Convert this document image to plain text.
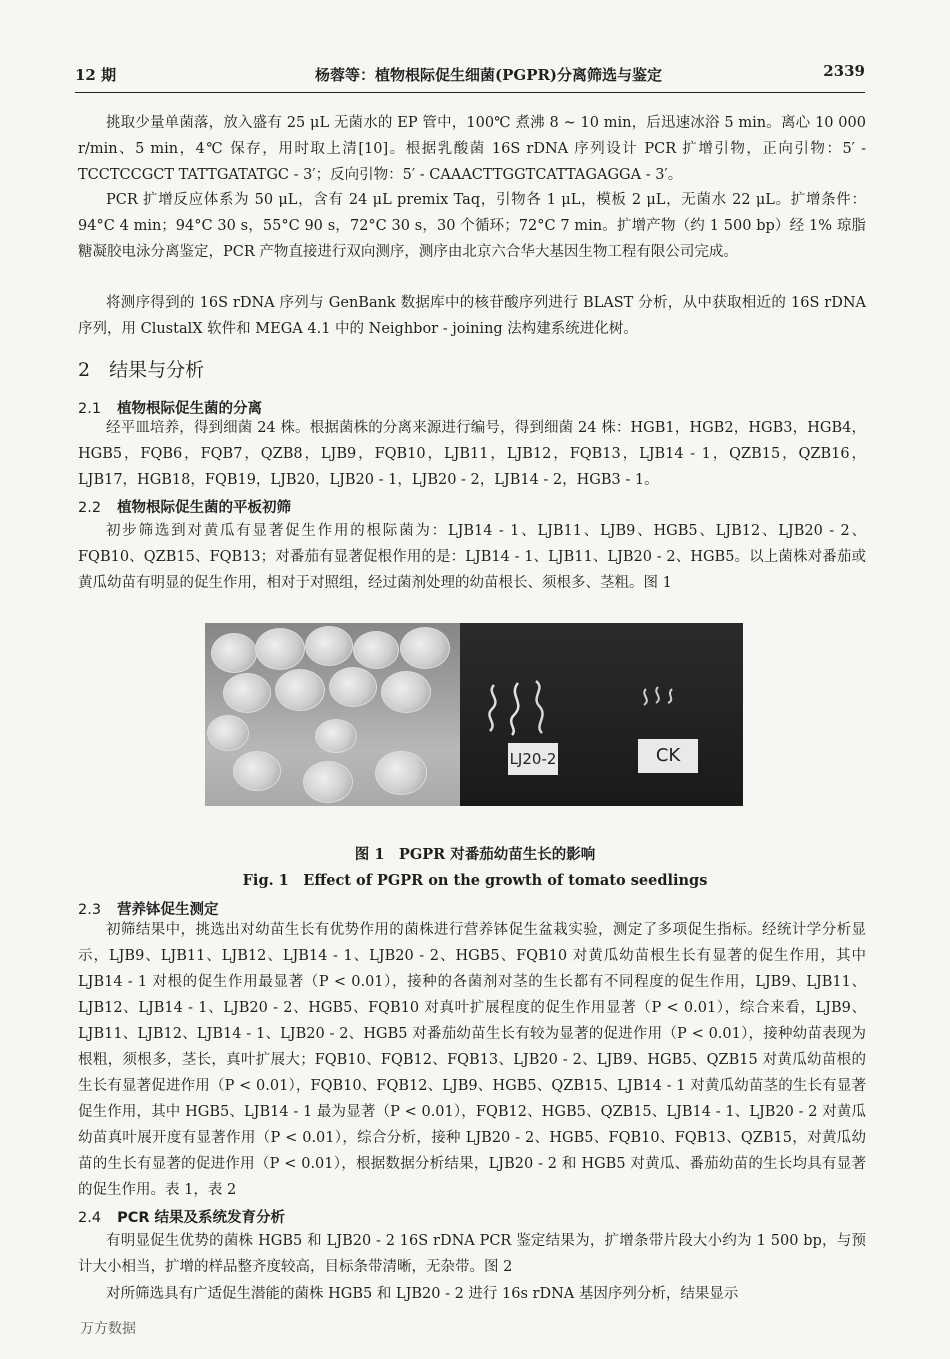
12 期	杨蓉等：植物根际促生细菌(PGPR)分离筛选与鉴定	2339

挑取少量单菌落，放入盛有 25 μL 无菌水的 EP 管中，100℃ 煮沸 8 ~ 10 min，后迅速冰浴 5 min。离心 10 000 r/min、5 min，4℃ 保存，用时取上清[10]。根据乳酸菌 16S rDNA 序列设计 PCR 扩增引物，正向引物：5′ - TCCTCCGCT TATTGATATGC - 3′；反向引物：5′ - CAAACTTGGTCATTAGAGGA - 3′。

PCR 扩增反应体系为 50 μL，含有 24 μL premix Taq，引物各 1 μL，模板 2 μL，无菌水 22 μL。扩增条件：94°C 4 min；94°C 30 s，55°C 90 s，72°C 30 s，30 个循环；72°C 7 min。扩增产物（约 1 500 bp）经 1% 琼脂糖凝胶电泳分离鉴定，PCR 产物直接进行双向测序，测序由北京六合华大基因生物工程有限公司完成。

将测序得到的 16S rDNA 序列与 GenBank 数据库中的核苷酸序列进行 BLAST 分析，从中获取相近的 16S rDNA 序列，用 ClustalX 软件和 MEGA 4.1 中的 Neighbor - joining 法构建系统进化树。

2　结果与分析
2.1 植物根际促生菌的分离

经平皿培养，得到细菌 24 株。根据菌株的分离来源进行编号，得到细菌 24 株：HGB1，HGB2，HGB3，HGB4，HGB5，FQB6，FQB7，QZB8，LJB9，FQB10，LJB11，LJB12，FQB13，LJB14 - 1，QZB15，QZB16，LJB17，HGB18，FQB19，LJB20，LJB20 - 1，LJB20 - 2，LJB14 - 2，HGB3 - 1。

2.2 植物根际促生菌的平板初筛

初步筛选到对黄瓜有显著促生作用的根际菌为：LJB14 - 1、LJB11、LJB9、HGB5、LJB12、LJB20 - 2、FQB10、QZB15、FQB13；对番茄有显著促根作用的是：LJB14 - 1、LJB11、LJB20 - 2、HGB5。以上菌株对番茄或黄瓜幼苗有明显的促生作用，相对于对照组，经过菌剂处理的幼苗根长、须根多、茎粗。图 1

LJ20-2	CK
图 1　PGPR 对番茄幼苗生长的影响
Fig. 1　Effect of PGPR on the growth of tomato seedlings
2.3 营养钵促生测定

初筛结果中，挑选出对幼苗生长有优势作用的菌株进行营养钵促生盆栽实验，测定了多项促生指标。经统计学分析显示，LJB9、LJB11、LJB12、LJB14 - 1、LJB20 - 2、HGB5、FQB10 对黄瓜幼苗根生长有显著的促生作用，其中 LJB14 - 1 对根的促生作用最显著（P < 0.01），接种的各菌剂对茎的生长都有不同程度的促生作用，LJB9、LJB11、LJB12、LJB14 - 1、LJB20 - 2、HGB5、FQB10 对真叶扩展程度的促生作用显著（P < 0.01），综合来看，LJB9、LJB11、LJB12、LJB14 - 1、LJB20 - 2、HGB5 对番茄幼苗生长有较为显著的促进作用（P < 0.01），接种幼苗表现为根粗，须根多，茎长，真叶扩展大；FQB10、FQB12、FQB13、LJB20 - 2、LJB9、HGB5、QZB15 对黄瓜幼苗根的生长有显著促进作用（P < 0.01），FQB10、FQB12、LJB9、HGB5、QZB15、LJB14 - 1 对黄瓜幼苗茎的生长有显著促生作用，其中 HGB5、LJB14 - 1 最为显著（P < 0.01），FQB12、HGB5、QZB15、LJB14 - 1、LJB20 - 2 对黄瓜幼苗真叶展开度有显著作用（P < 0.01），综合分析，接种 LJB20 - 2、HGB5、FQB10、FQB13、QZB15，对黄瓜幼苗的生长有显著的促进作用（P < 0.01），根据数据分析结果，LJB20 - 2 和 HGB5 对黄瓜、番茄幼苗的生长均具有显著的促生作用。表 1，表 2

2.4 PCR 结果及系统发育分析

有明显促生优势的菌株 HGB5 和 LJB20 - 2 16S rDNA PCR 鉴定结果为，扩增条带片段大小约为 1 500 bp，与预计大小相当，扩增的样品整齐度较高，目标条带清晰，无杂带。图 2

对所筛选具有广适促生潜能的菌株 HGB5 和 LJB20 - 2 进行 16s rDNA 基因序列分析，结果显示

万方数据
